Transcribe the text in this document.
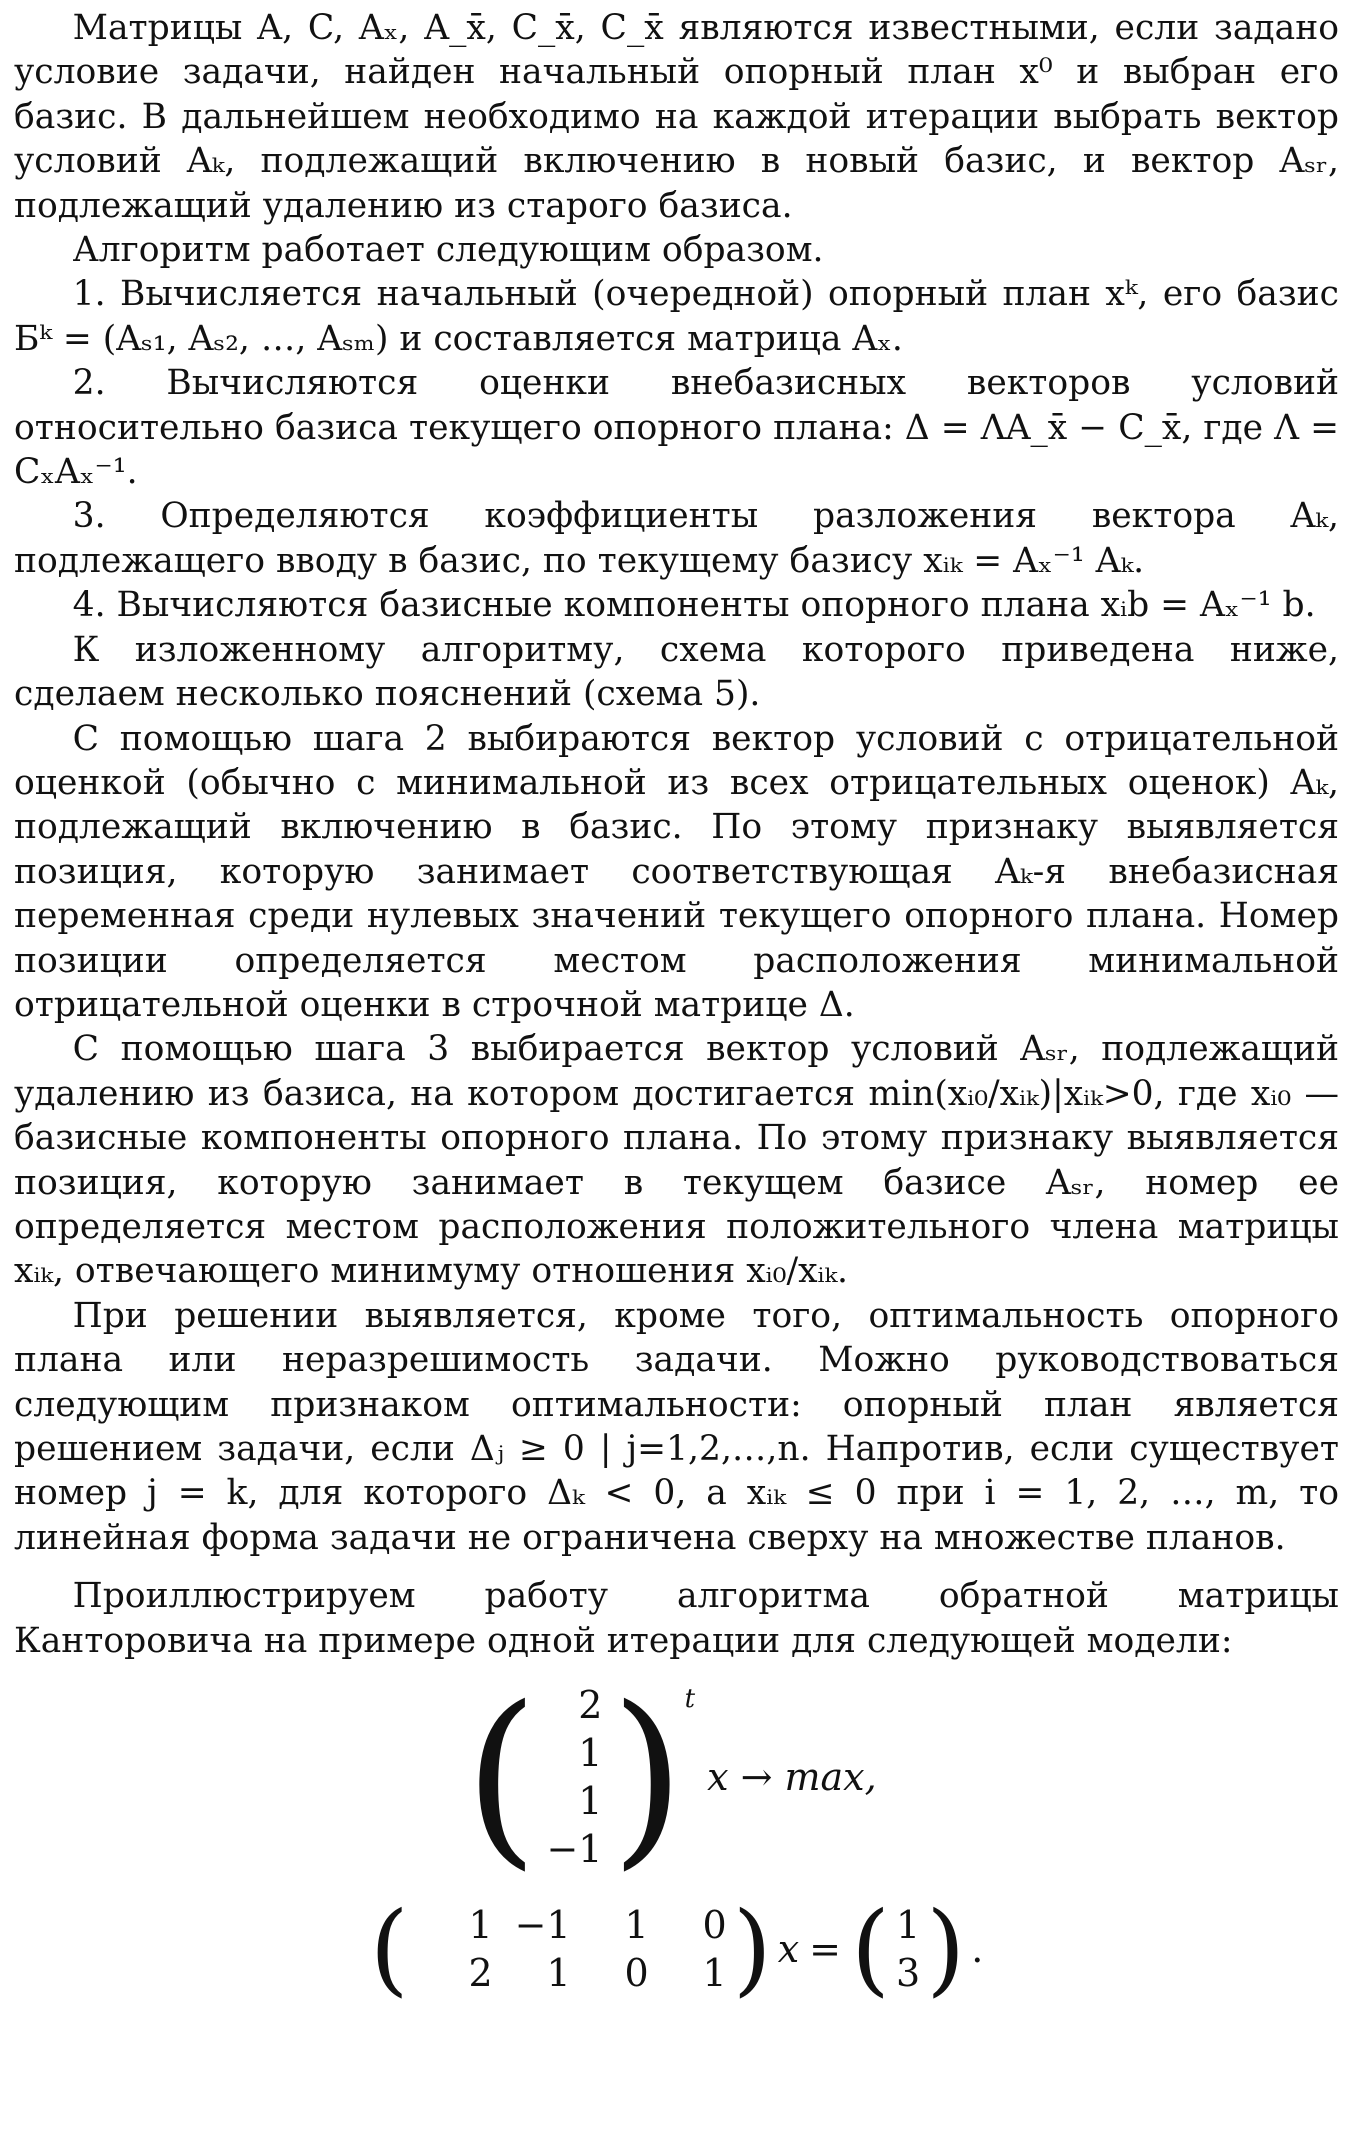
Матрицы A, C, Aₓ, A_x̄, C_x̄, C_x̄ являются известными, если задано условие задачи, найден начальный опорный план x⁰ и выбран его базис. В дальнейшем необходимо на каждой итерации выбрать вектор условий Aₖ, подлежащий включению в новый базис, и вектор Aₛᵣ, подлежащий удалению из старого базиса.

Алгоритм работает следующим образом.

1. Вычисляется начальный (очередной) опорный план xᵏ, его базис Бᵏ = (Aₛ₁, Aₛ₂, …, Aₛₘ) и составляется матрица Aₓ.

2. Вычисляются оценки внебазисных векторов условий относительно базиса текущего опорного плана: Δ = ΛA_x̄ − C_x̄, где Λ = CₓAₓ⁻¹.

3. Определяются коэффициенты разложения вектора Aₖ, подлежащего вводу в базис, по текущему базису xᵢₖ = Aₓ⁻¹ Aₖ.

4. Вычисляются базисные компоненты опорного плана xᵢb = Aₓ⁻¹ b.

К изложенному алгоритму, схема которого приведена ниже, сделаем несколько пояснений (схема 5).

С помощью шага 2 выбираются вектор условий с отрицательной оценкой (обычно с минимальной из всех отрицательных оценок) Aₖ, подлежащий включению в базис. По этому признаку выявляется позиция, которую занимает соответствующая Aₖ-я внебазисная переменная среди нулевых значений текущего опорного плана. Номер позиции определяется местом расположения минимальной отрицательной оценки в строчной матрице Δ.

С помощью шага 3 выбирается вектор условий Aₛᵣ, подлежащий удалению из базиса, на котором достигается min(xᵢ₀/xᵢₖ)|xᵢₖ>0, где xᵢ₀ — базисные компоненты опорного плана. По этому признаку выявляется позиция, которую занимает в текущем базисе Aₛᵣ, номер ее определяется местом расположения положительного члена матрицы xᵢₖ, отвечающего минимуму отношения xᵢ₀/xᵢₖ.

При решении выявляется, кроме того, оптимальность опорного плана или неразрешимость задачи. Можно руководствоваться следующим признаком оптимальности: опорный план является решением задачи, если Δⱼ ≥ 0 | j=1,2,…,n. Напротив, если существует номер j = k, для которого Δₖ < 0, а xᵢₖ ≤ 0 при i = 1, 2, …, m, то линейная форма задачи не ограничена сверху на множестве планов.

Проиллюстрируем работу алгоритма обратной матрицы Канторовича на примере одной итерации для следующей модели:

( 2
1
1
−1 ) t
x → max,
(	1 −1	1	0
2	1	0	1 ) x = ( 1
3 ) .
